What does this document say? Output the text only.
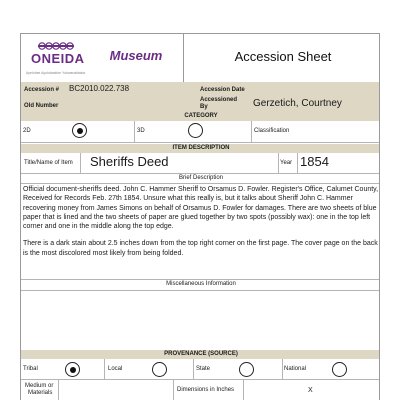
ONEIDA
Ayelohse Ayuhdwakhe Yukwanaktakw
Museum	Accession Sheet
Accession # BC2010.022.738	Accession Date
Old Number
Accessioned
By	Gerzetich, Courtney
CATEGORY
2D	3D	Classification
ITEM DESCRIPTION
Title/Name of Item Sheriffs Deed	Year 1854
Brief Description

Official document-sheriffs deed. John C. Hammer Sheriff to Orsamus D. Fowler. Register's Office, Calumet County, Received for Records Feb. 27th 1854. Unsure what this really is, but it talks about Sheriff John C. Hammer recovering money from James Simons on behalf of Orsamus D. Fowler for damages. There are two sheets of blue paper that is lined and the two sheets of paper are glued together by two spots (possibly wax): one in the top left corner and one in the middle along the top edge.

There is a dark stain about 2.5 inches down from the top right corner on the first page. The cover page on the back is the most discolored most likely from being folded.

Miscellaneous Information
PROVENANCE (SOURCE)
Tribal	Local	State	National
Medium or
Materials	Dimensions in Inches	X
